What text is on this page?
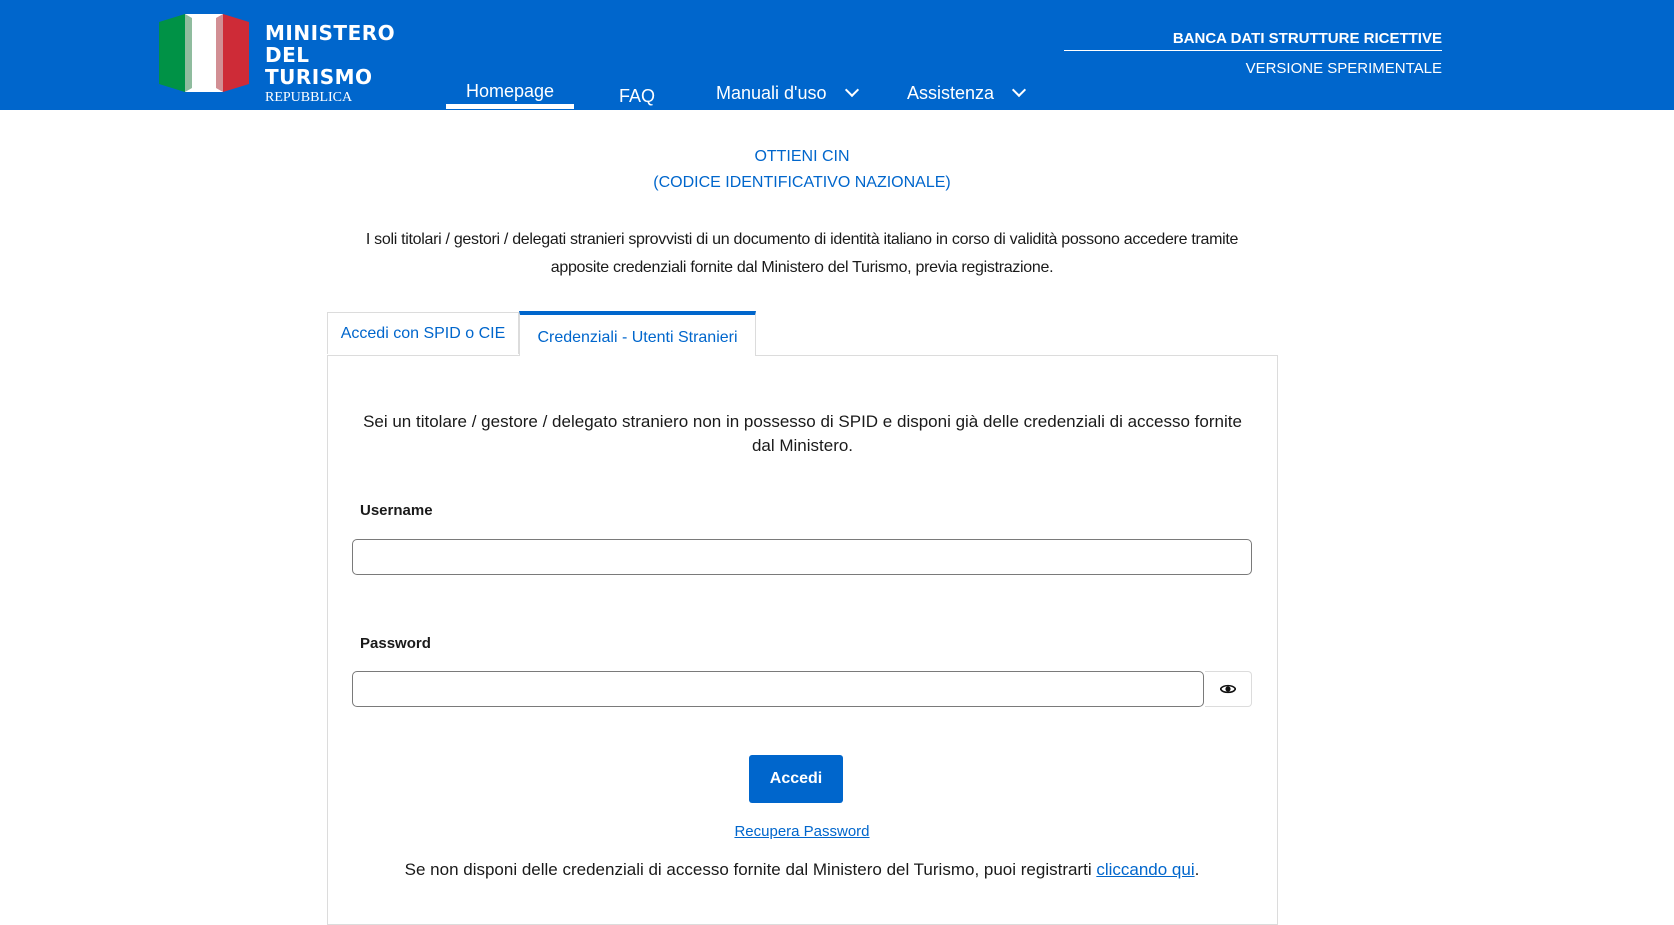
MINISTERO
DEL TURISMO
REPUBBLICA ITALIANA
Homepage	FAQ	Manuali d'uso	Assistenza
BANCA DATI STRUTTURE RICETTIVE
VERSIONE SPERIMENTALE
OTTIENI CIN
(CODICE IDENTIFICATIVO NAZIONALE)
I soli titolari / gestori / delegati stranieri sprovvisti di un documento di identità italiano in corso di validità possono accedere tramite apposite credenziali fornite dal Ministero del Turismo, previa registrazione.
Accedi con SPID o CIE	Credenziali - Utenti Stranieri
Sei un titolare / gestore / delegato straniero non in possesso di SPID e disponi già delle credenziali di accesso fornite dal Ministero.
Username
Password
Accedi
Recupera Password
Se non disponi delle credenziali di accesso fornite dal Ministero del Turismo, puoi registrarti cliccando qui.
